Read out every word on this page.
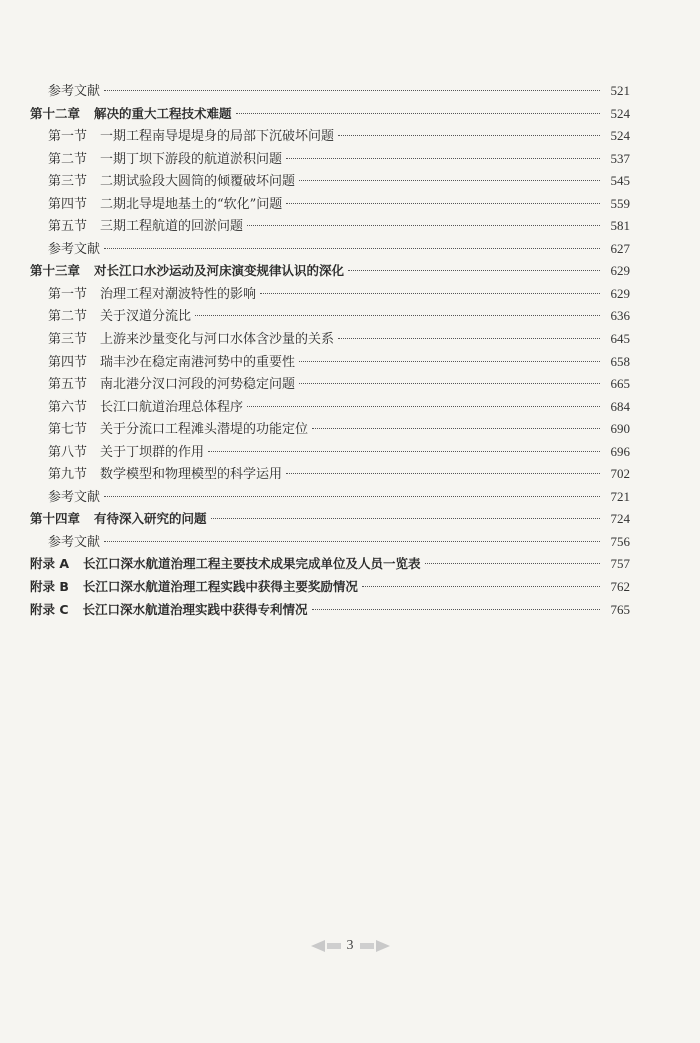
参考文献	521
第十二章 解决的重大工程技术难题	524
第一节 一期工程南导堤堤身的局部下沉破坏问题	524
第二节 一期丁坝下游段的航道淤积问题	537
第三节 二期试验段大圆筒的倾覆破坏问题	545
第四节 二期北导堤地基土的“软化”问题	559
第五节 三期工程航道的回淤问题	581
参考文献	627
第十三章 对长江口水沙运动及河床演变规律认识的深化	629
第一节 治理工程对潮波特性的影响	629
第二节 关于汊道分流比	636
第三节 上游来沙量变化与河口水体含沙量的关系	645
第四节 瑞丰沙在稳定南港河势中的重要性	658
第五节 南北港分汊口河段的河势稳定问题	665
第六节 长江口航道治理总体程序	684
第七节 关于分流口工程滩头潜堤的功能定位	690
第八节 关于丁坝群的作用	696
第九节 数学模型和物理模型的科学运用	702
参考文献	721
第十四章 有待深入研究的问题	724
参考文献	756
附录 A 长江口深水航道治理工程主要技术成果完成单位及人员一览表	757
附录 B 长江口深水航道治理工程实践中获得主要奖励情况	762
附录 C 长江口深水航道治理实践中获得专利情况	765
3
